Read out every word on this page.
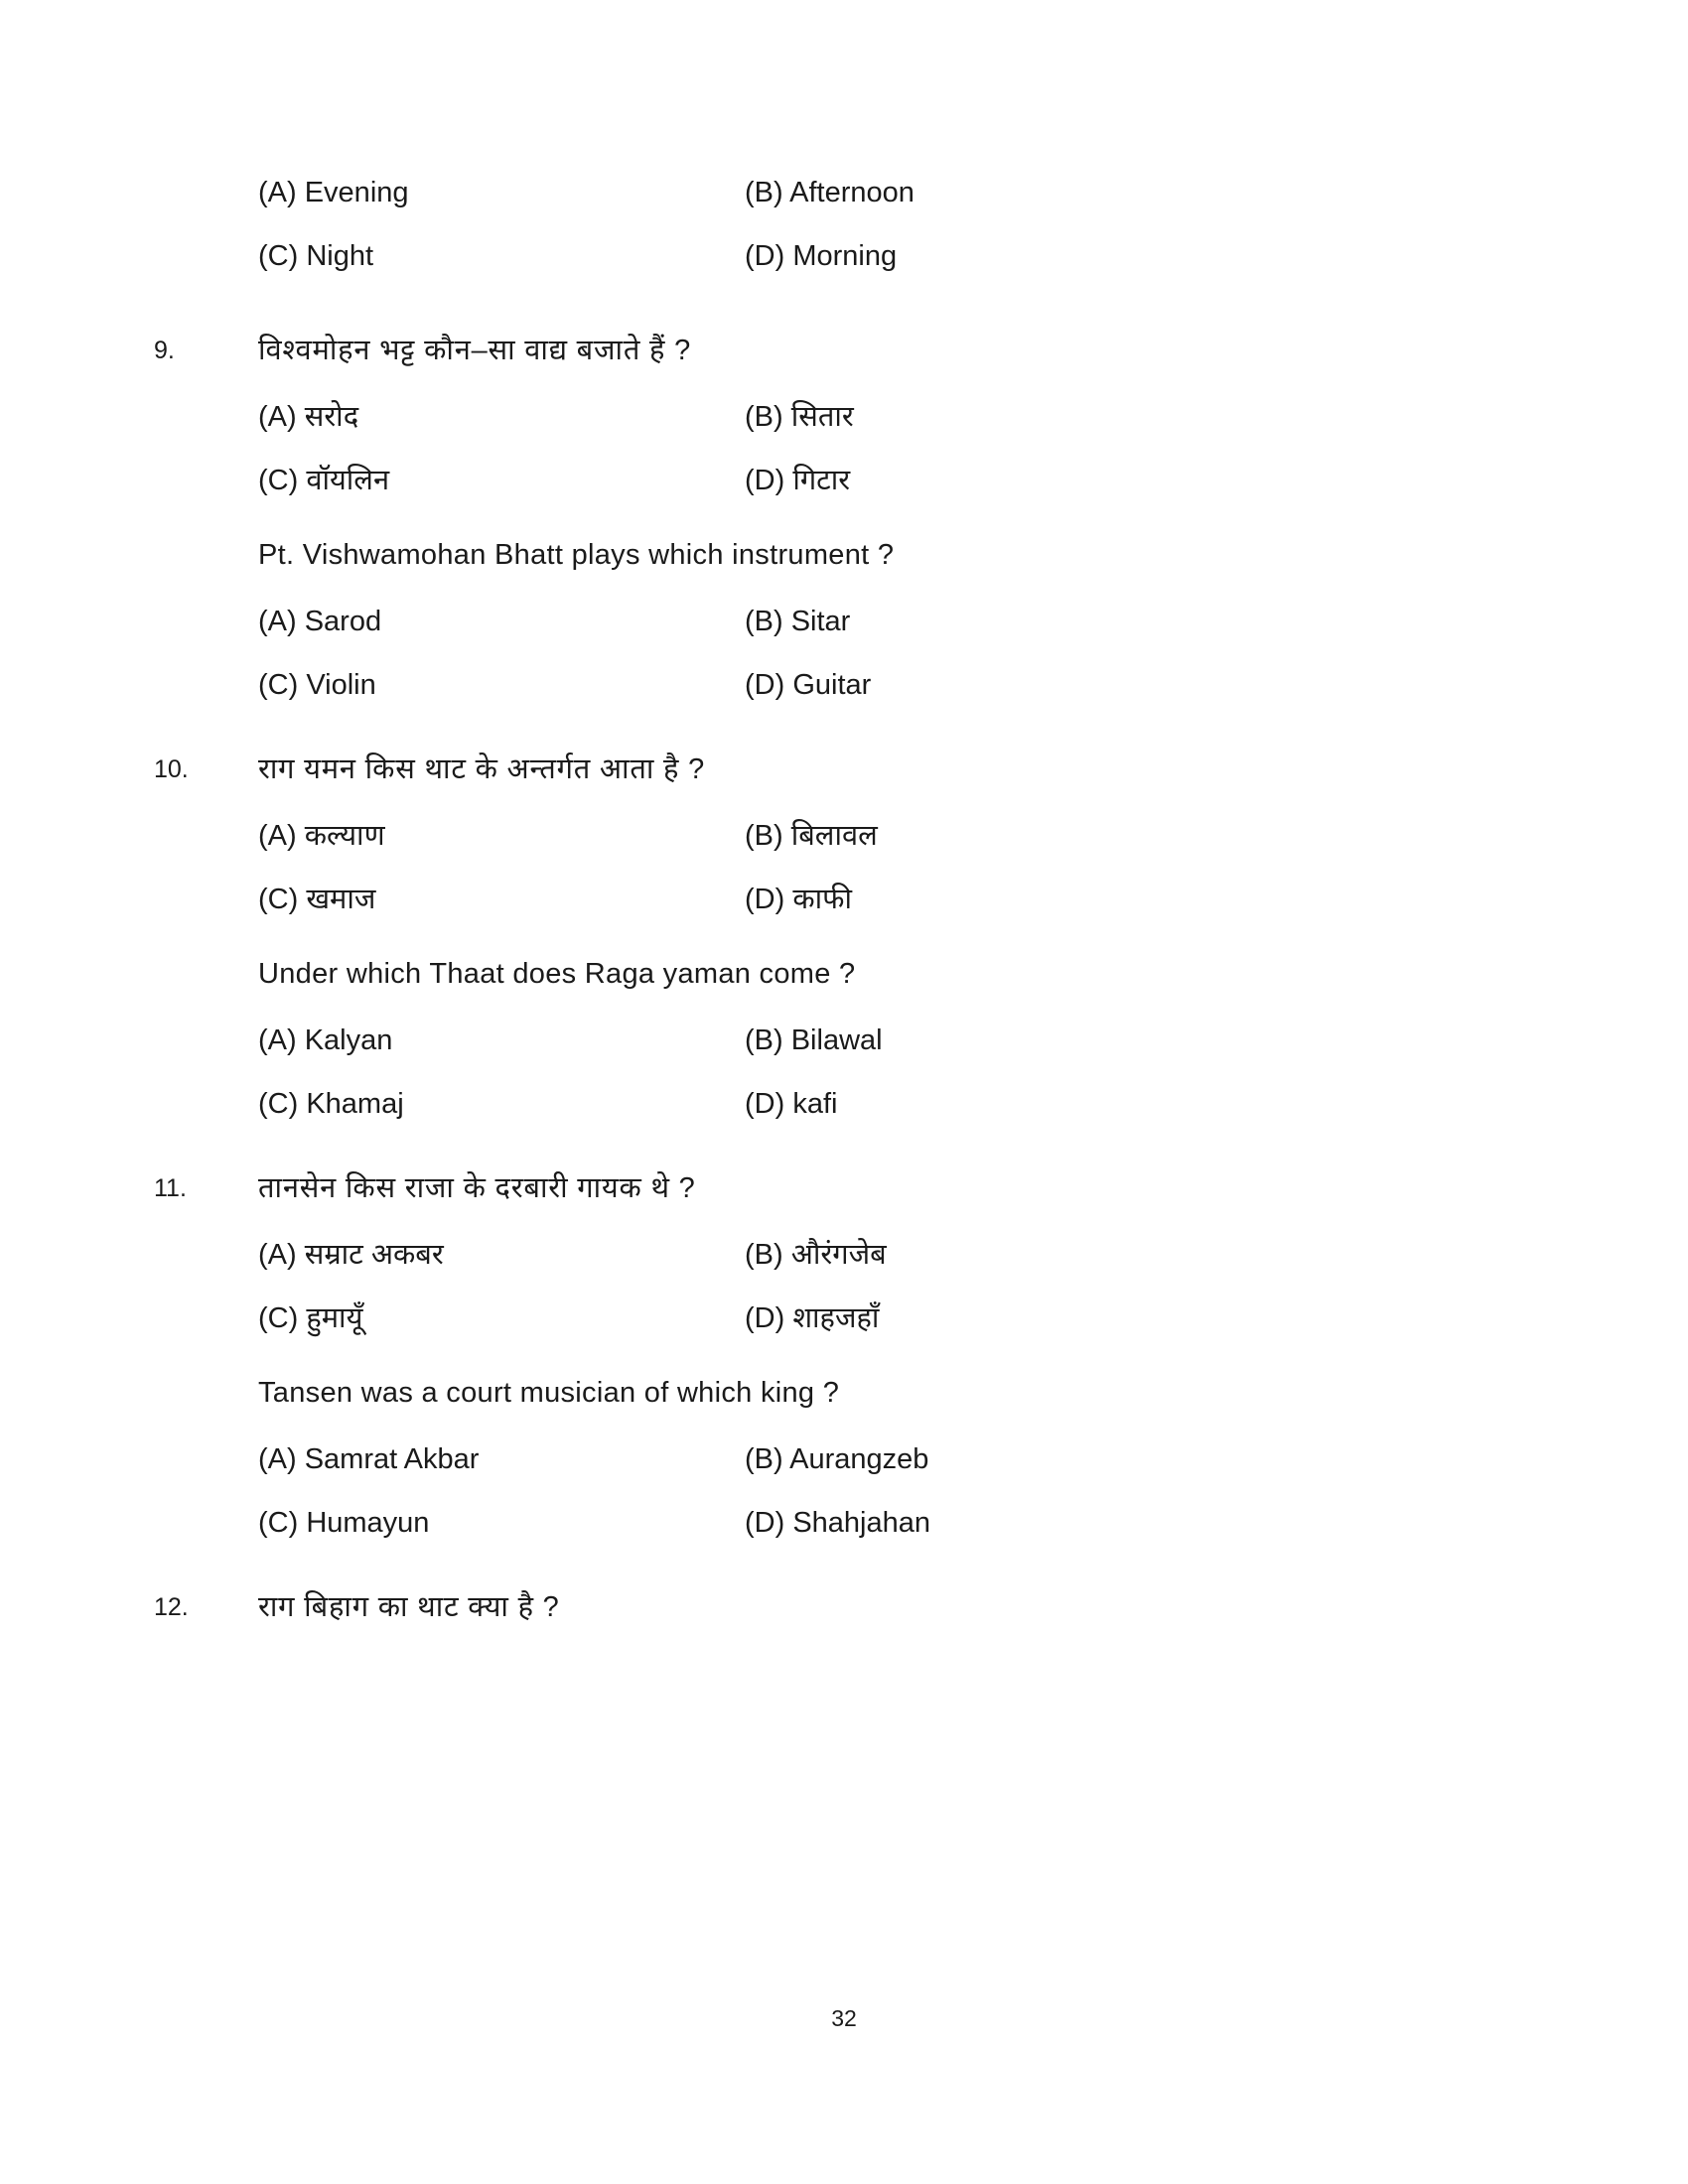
(A) Evening	(B) Afternoon
(C) Night	(D) Morning
9.	विश्वमोहन भट्ट कौन–सा वाद्य बजाते हैं ?
(A) सरोद	(B) सितार
(C) वॉयलिन	(D) गिटार
Pt. Vishwamohan Bhatt plays which instrument ?
(A) Sarod	(B) Sitar
(C) Violin	(D) Guitar
10.	राग यमन किस थाट के अन्तर्गत आता है ?
(A) कल्याण	(B) बिलावल
(C) खमाज	(D) काफी
Under which Thaat does Raga yaman come ?
(A) Kalyan	(B) Bilawal
(C) Khamaj	(D) kafi
11.	तानसेन किस राजा के दरबारी गायक थे ?
(A) सम्राट अकबर	(B) औरंगजेब
(C) हुमायूँ	(D) शाहजहाँ
Tansen was a court musician of which king ?
(A) Samrat Akbar	(B) Aurangzeb
(C) Humayun	(D) Shahjahan
12.	राग बिहाग का थाट क्या है ?
32
